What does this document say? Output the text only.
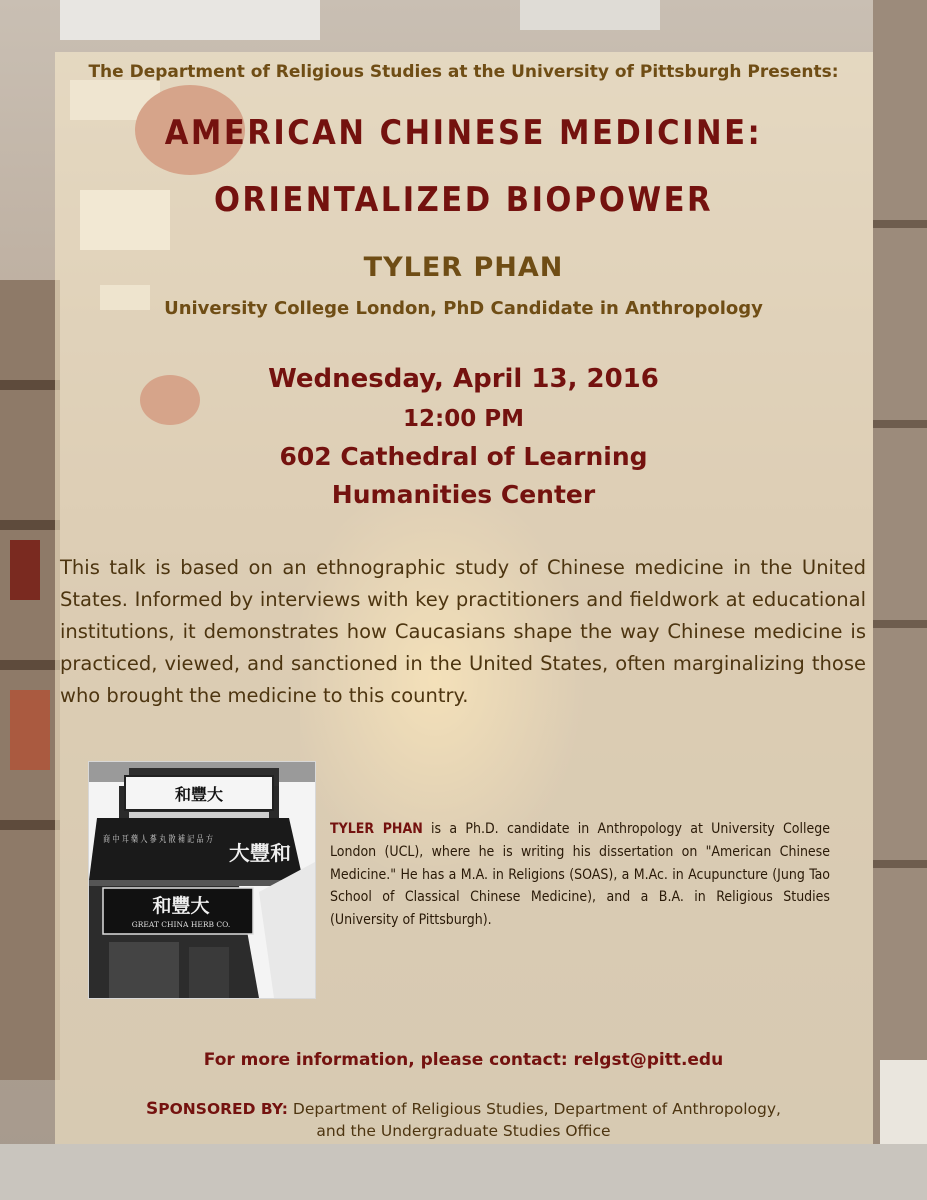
The Department of Religious Studies at the University of Pittsburgh Presents:
AMERICAN CHINESE MEDICINE:
ORIENTALIZED BIOPOWER
TYLER PHAN
University College London, PhD Candidate in Anthropology
Wednesday, April 13, 2016
12:00 PM
602 Cathedral of Learning
Humanities Center

This talk is based on an ethnographic study of Chinese medicine in the United States. Informed by interviews with key practitioners and fieldwork at educational institutions, it demonstrates how Caucasians shape the way Chinese medicine is practiced, viewed, and sanctioned in the United States, often marginalizing those who brought the medicine to this country.

和豐大
商 中 耳 藥 人 蔘 丸 散 補 記 品 方
大豐和
和豐大
GREAT CHINA HERB CO.

TYLER PHAN is a Ph.D. candidate in Anthropology at University College London (UCL), where he is writing his dissertation on "American Chinese Medicine." He has a M.A. in Religions (SOAS), a M.Ac. in Acupuncture (Jung Tao School of Classical Chinese Medicine), and a B.A. in Religious Studies (University of Pittsburgh).

For more information, please contact: relgst@pitt.edu
SPONSORED BY: Department of Religious Studies, Department of Anthropology,
and the Undergraduate Studies Office
